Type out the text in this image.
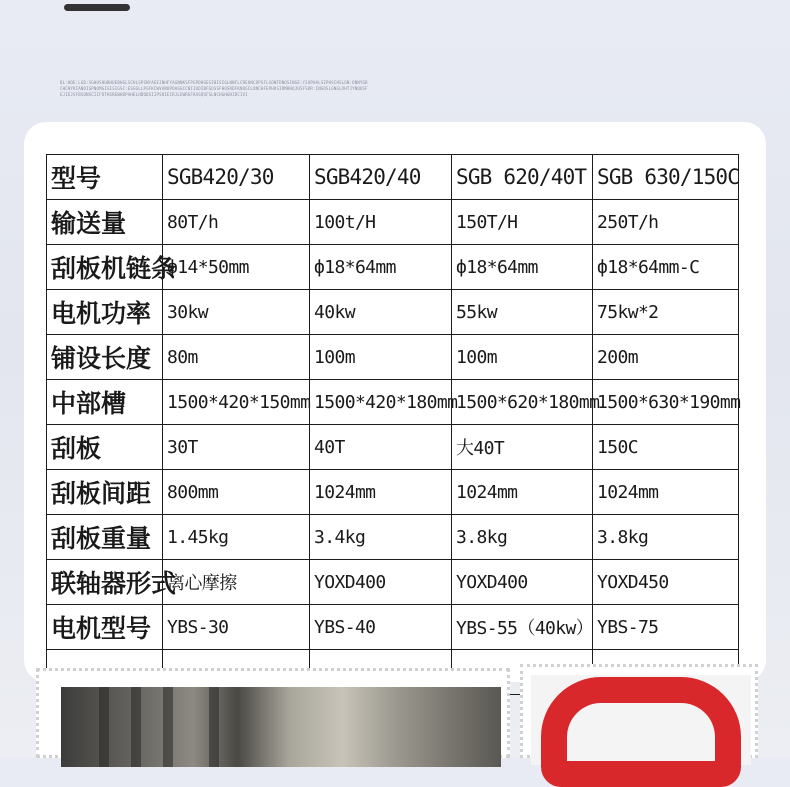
DL:HOE:LGD:SGHUSHUBHUEBHGLSCHLSPSNYAEEINHFYAGNNKSFPGPDHGEGIBISIGLNNFLCREONCOPSFLGONFDNOSINGE:YJOPHALSIPHSCHSLGN:ONNYGRCHCHYKIANOISPNOMGIGISIGSC:ESGGLLPGFKCWVANOPOAGGCCNIIUDIBFGOSSFHOSRDFKNOGCLONCHFEPHUSIRMBHQJUSFSOR:INGOSLGNGLXHTJYNQUSFEJIEJSFBSONSCIIFOTHSREWHDPAHELHDODSIIPSRIEIRJLEWRGFKASQSFSLNCHGHGHIDCIVI
型号	SGB420/30	SGB420/40	SGB 620/40T	SGB 630/150C
输送量	80T/h	100t/H	150T/H	250T/h
刮板机链条	ф14*50mm	ф18*64mm	ф18*64mm	ф18*64mm-C
电机功率	30kw	40kw	55kw	75kw*2
铺设长度	80m	100m	100m	200m
中部槽	1500*420*150mm	1500*420*180mm	1500*620*180mm	1500*630*190mm
刮板	30T	40T	大40T	150C
刮板间距	800mm	1024mm	1024mm	1024mm
刮板重量	1.45kg	3.4kg	3.8kg	3.8kg
联轴器形式	离心摩擦	YOXD400	YOXD400	YOXD450
电机型号	YBS-30	YBS-40	YBS-55（40kw）	YBS-75
